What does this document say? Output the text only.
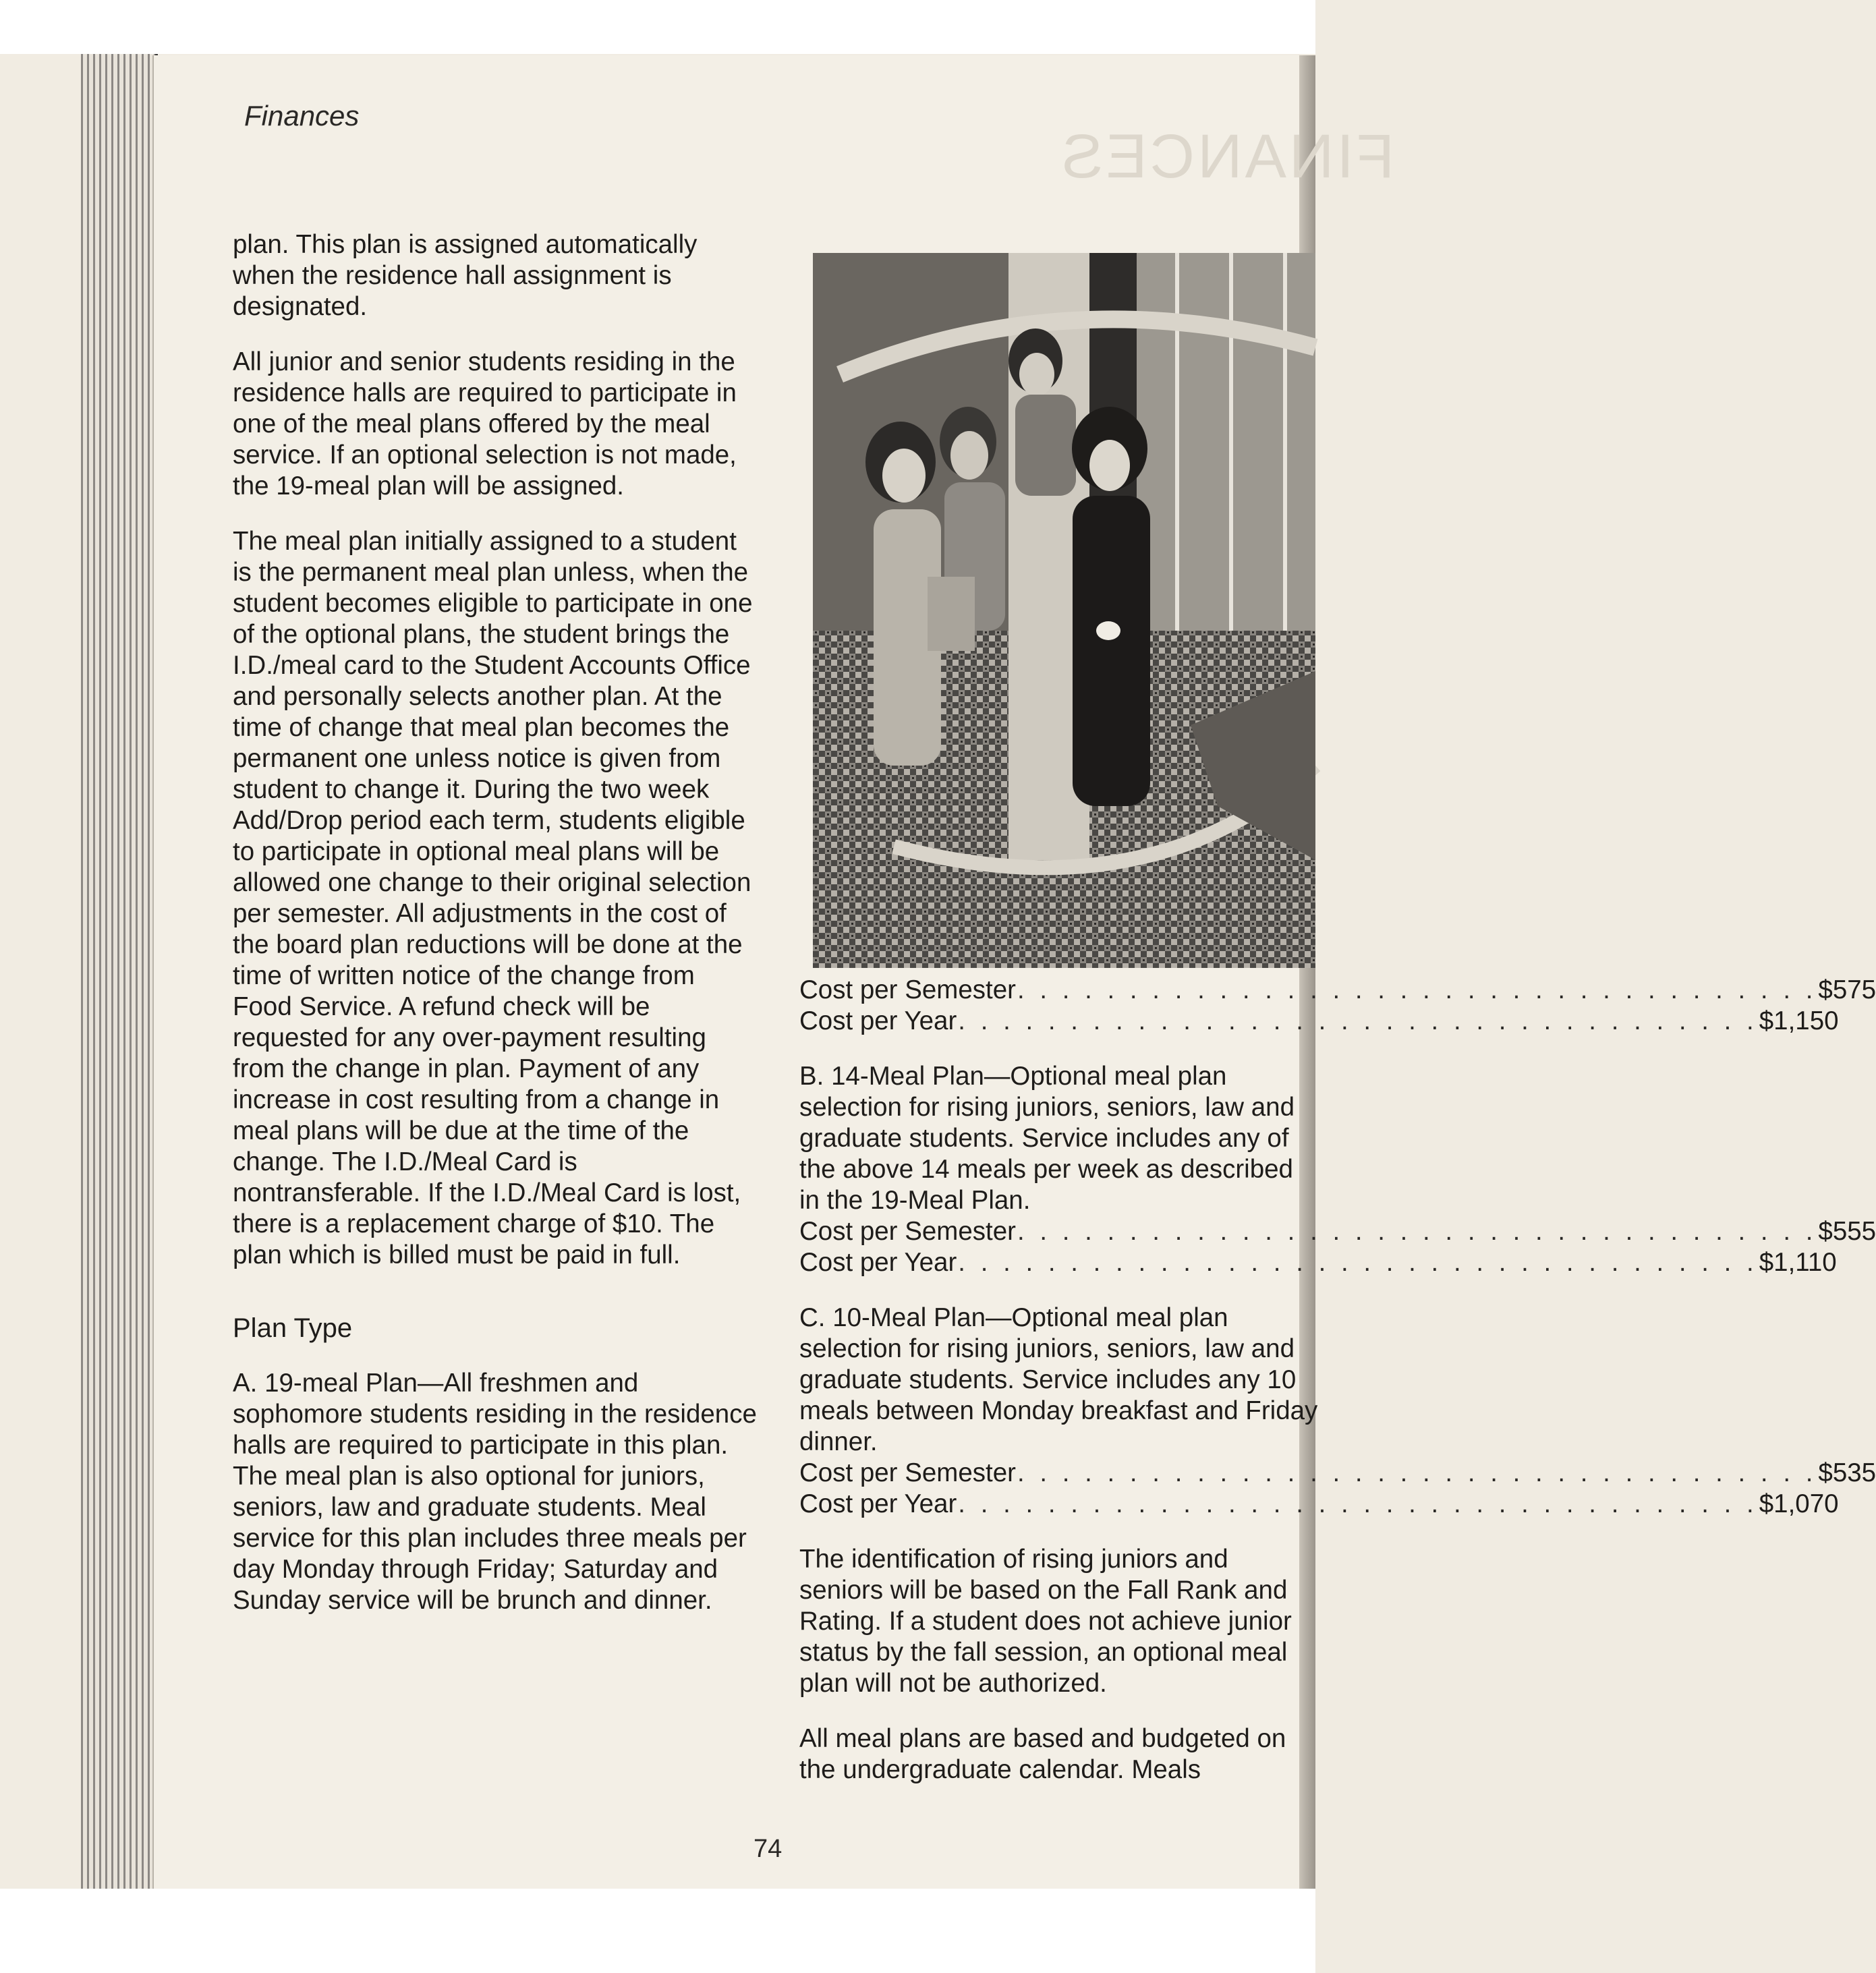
FINANCES
Finances

plan. This plan is assigned automatically when the residence hall assignment is designated.

All junior and senior students residing in the residence halls are required to participate in one of the meal plans offered by the meal service. If an optional selection is not made, the 19-meal plan will be assigned.

The meal plan initially assigned to a student is the permanent meal plan unless, when the student becomes eligible to participate in one of the optional plans, the student brings the I.D./meal card to the Student Accounts Office and personally selects another plan. At the time of change that meal plan becomes the permanent one unless notice is given from student to change it. During the two week Add/Drop period each term, students eligible to participate in optional meal plans will be allowed one change to their original selection per semester. All adjustments in the cost of the board plan reductions will be done at the time of written notice of the change from Food Service. A refund check will be requested for any over-payment resulting from the change in plan. Payment of any increase in cost resulting from a change in meal plans will be due at the time of the change. The I.D./Meal Card is nontransferable. If the I.D./Meal Card is lost, there is a replacement charge of $10. The plan which is billed must be paid in full.

Plan Type

A. 19-meal Plan—All freshmen and sophomore students residing in the residence halls are required to participate in this plan. The meal plan is also optional for juniors, seniors, law and graduate students. Meal service for this plan includes three meals per day Monday through Friday; Saturday and Sunday service will be brunch and dinner.

Cost per Semester . . . . . . . . . . . . . . . . . . . . . . . . . . . . . . . . . . . . $575
Cost per Year . . . . . . . . . . . . . . . . . . . . . . . . . . . . . . . . . . . . $1,150
B. 14-Meal Plan—Optional meal plan selection for rising juniors, seniors, law and graduate students. Service includes any of the above 14 meals per week as described in the 19-Meal Plan.
Cost per Semester . . . . . . . . . . . . . . . . . . . . . . . . . . . . . . . . . . . . $555
Cost per Year . . . . . . . . . . . . . . . . . . . . . . . . . . . . . . . . . . . . $1,110
C. 10-Meal Plan—Optional meal plan selection for rising juniors, seniors, law and graduate students. Service includes any 10 meals between Monday breakfast and Friday dinner.
Cost per Semester . . . . . . . . . . . . . . . . . . . . . . . . . . . . . . . . . . . . $535
Cost per Year . . . . . . . . . . . . . . . . . . . . . . . . . . . . . . . . . . . . $1,070

The identification of rising juniors and seniors will be based on the Fall Rank and Rating. If a student does not achieve junior status by the fall session, an optional meal plan will not be authorized.

All meal plans are based and budgeted on the undergraduate calendar. Meals

74
